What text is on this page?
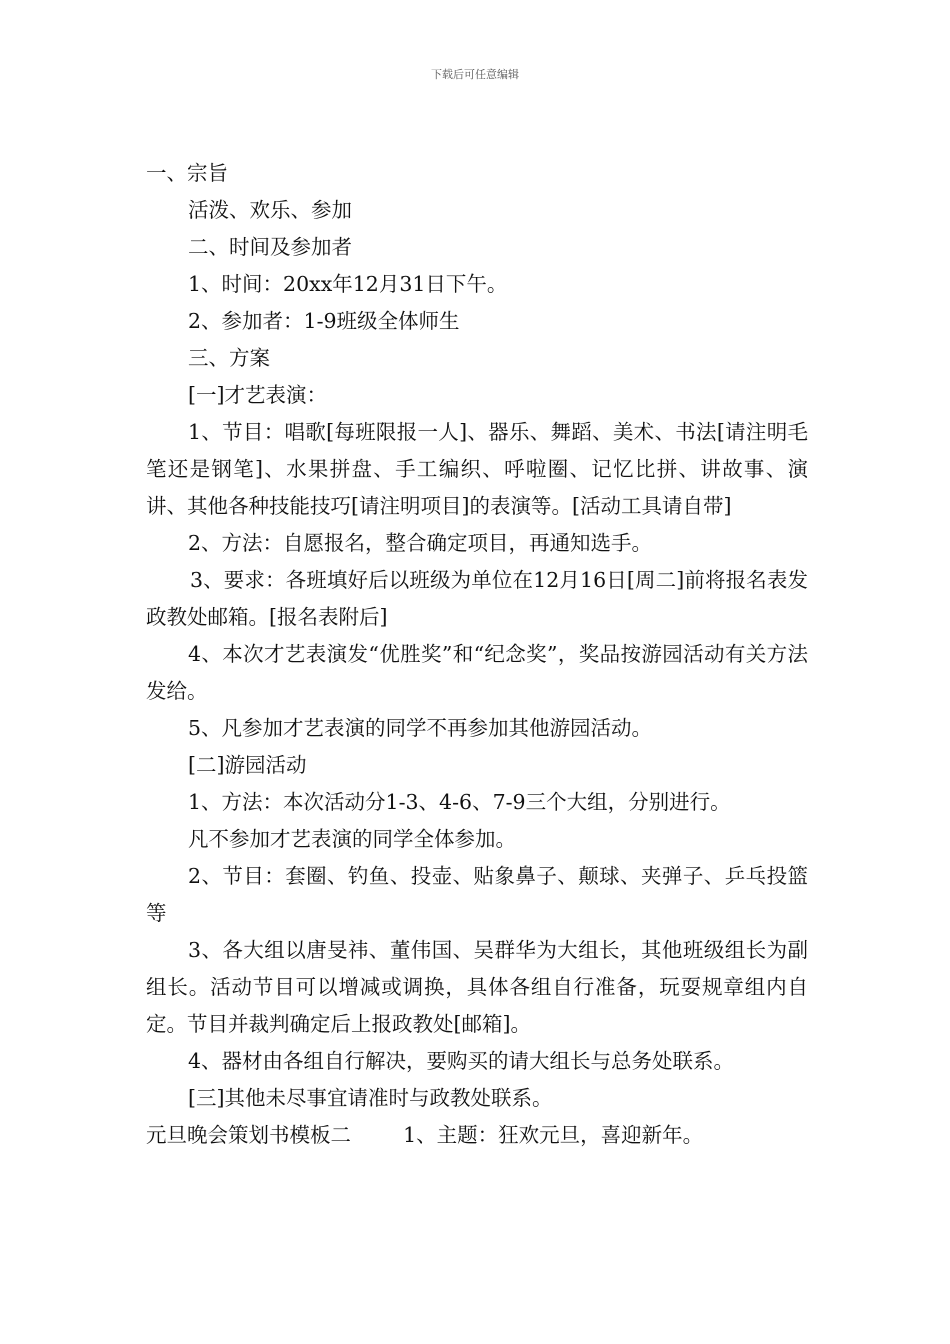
下载后可任意编辑

一、宗旨

活泼、欢乐、参加

二、时间及参加者

1、时间：20xx年12月31日下午。

2、参加者：1-9班级全体师生

三、方案

[一]才艺表演：

1、节目：唱歌[每班限报一人]、器乐、舞蹈、美术、书法[请注明毛笔还是钢笔]、水果拼盘、手工编织、呼啦圈、记忆比拼、讲故事、演讲、其他各种技能技巧[请注明项目]的表演等。[活动工具请自带]

2、方法：自愿报名，整合确定项目，再通知选手。

3、要求：各班填好后以班级为单位在12月16日[周二]前将报名表发政教处邮箱。[报名表附后]

4、本次才艺表演发“优胜奖”和“纪念奖”，奖品按游园活动有关方法发给。

5、凡参加才艺表演的同学不再参加其他游园活动。

[二]游园活动

1、方法：本次活动分1-3、4-6、7-9三个大组，分别进行。

凡不参加才艺表演的同学全体参加。

2、节目：套圈、钓鱼、投壶、贴象鼻子、颠球、夹弹子、乒乓投篮等

3、各大组以唐旻祎、董伟国、吴群华为大组长，其他班级组长为副组长。活动节目可以增减或调换，具体各组自行准备，玩耍规章组内自定。节目并裁判确定后上报政教处[邮箱]。

4、器材由各组自行解决，要购买的请大组长与总务处联系。

[三]其他未尽事宜请准时与政教处联系。

元旦晚会策划书模板二	1、主题：狂欢元旦，喜迎新年。
